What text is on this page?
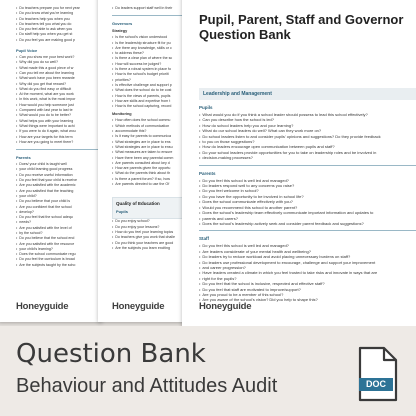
• Do teachers prepare you for next year
• Do you know what you're learning
• Do teachers help you when you
• Do teachers tell you what you do
• Do you feel able to ask when you
• Do staff help you when you get st
• Do you feel you are making good p
Pupil Voice
• Can you show me your best work?
• Why did you do so well?
• What made this a good piece of w
• Can you tell me about the learning
• What work have you been rewarde
• Why did you get that reward?
• What do you find easy or difficult
• At the moment, what are you work
• In this work, what is the most impor
• How would you help someone just
• Compared with last year to last te
• What would you do to be better?
• What helps you with your learning
• What things were important to achi
• If you were to do it again, what wou
• How are your targets for this term
• How are you going to meet them?
Parents
• Does/ your child is taught well
• your child learning good progress
• Do you receive useful information
• Do you feel that your child is receive
• Are you satisfied with the academic
• Are you satisfied that the teaching
• your child?
• Do you believe that your child is
• Are you confident that the school
• develop?
• Do you feel that the school adequ
• needs?
• Are you satisfied with the level of
• by the school?
• Do you believe that the school end
• Are you satisfied with the resource
• your child's learning?
• Does the school communicate regu
• Do you feel the curriculum is broad
• Are the subjects taught by the scho
Honeyguide
• Do leaders support staff well in their
Governors
Strategy
• Is the school's vision understood
• Is the leadership structure fit for pu
• Are there any knowledge, skills or c
• to address these?
• Is there a clear plan of where the sc
• How will success be judged?
• Is there a robust system in place fo
• How is the school's budget prioriti
• priorities?
• Is effective challenge and support p
• What does the school do to be cost
• How is the views of parents, pupils
• How are skills and expertise from t
• How is the school capturing, record
Monitoring
• How often does the school commu
• Which methods of communication
• accommodate this?
• Is it easy for parents to communica
• What strategies are in place to ens
• What strategies are in place to ensu
• What measures are taken to ensure
• Have there been any parental comm
• Are parents consulted about key d
• How are parents given the opportu
• What do the parents think about th
• Is there a parent forum? If so, how
• Are parents directed to use the Of
Quality of Education
Pupils
• Do you enjoy school?
• Do you enjoy your lessons?
• How do you feel your learning topics
• Do teachers give you work that challe
• Do you think your teachers are good
• Are the subjects you learn exciting
Honeyguide
Pupil, Parent, Staff and Governor Question Bank
Leadership and Management
Pupils
• What would you do if you think a school leader should possess to lead this school effectively?
• Can you describe how the school is led?
• How do school leaders help you and your learning?
• What do our school leaders do well? What can they work more on?
• Do school leaders listen to and consider pupils' opinions and suggestions? Do they provide feedback
• to you on those suggestions?
• How do leaders encourage open communication between pupils and staff?
• Do your school leaders provide opportunities for you to take on leadership roles and be involved in
• decision-making processes?
Parents
• Do you feel this school is well led and managed?
• Do leaders respond well to any concerns you raise?
• Do you feel welcome in school?
• Do you have the opportunity to be involved in school life?
• Does the school communicate effectively with you?
• Would you recommend this school to another parent?
• Does the school's leadership team effectively communicate important information and updates to
• parents and carers?
• Does the school's leadership actively seek and consider parent feedback and suggestions?
Staff
• Do you feel this school is well led and managed?
• Are leaders considerate of your mental health and wellbeing?
• Do leaders try to reduce workload and avoid placing unnecessary burdens on staff?
• Do leaders use professional development to encourage, challenge and support your improvement
• and career progression?
• Have leaders created a climate in which you feel trusted to take risks and innovate in ways that are
• right for the pupils?
• Do you feel that the school is inclusive, respected and effective staff?
• Do you feel that staff are motivated to improve/support?
• Are you proud to be a member of this school?
• Are you aware of the school's vision? Did you help to shape this?
Honeyguide
Question Bank
Behaviour and Attitudes Audit	DOC
